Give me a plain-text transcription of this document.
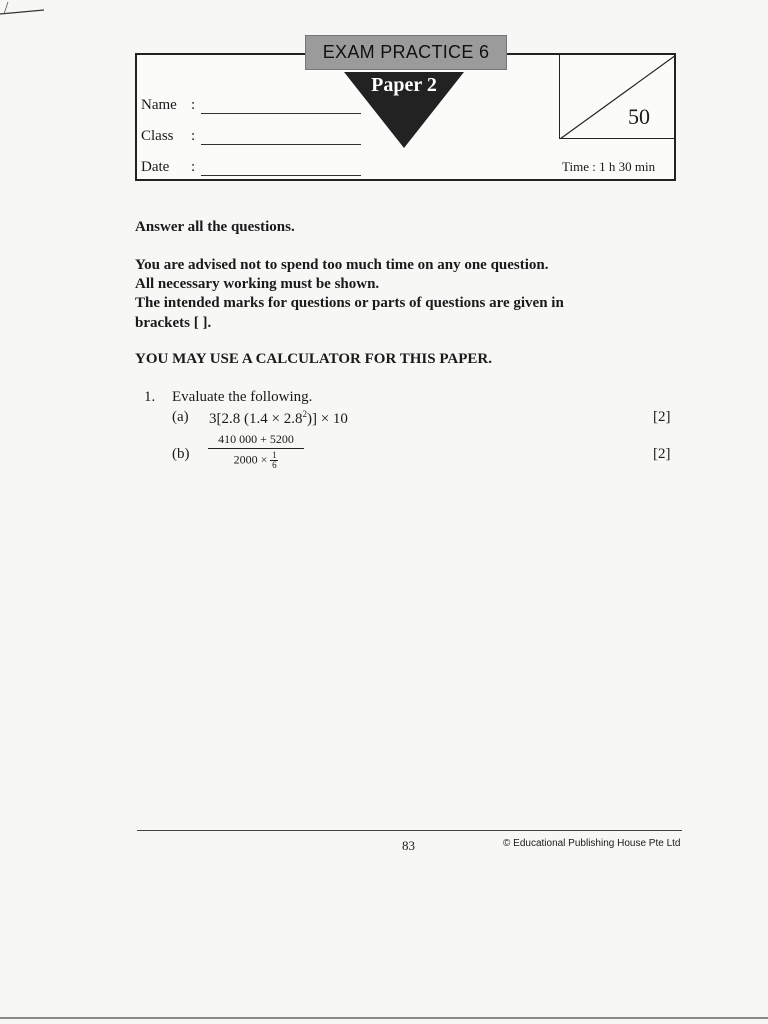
EXAM PRACTICE 6
Paper 2
Name :
Class	:
Date	:
50
Time : 1 h 30 min
Answer all the questions.
You are advised not to spend too much time on any one question.
All necessary working must be shown.
The intended marks for questions or parts of questions are given in
brackets [ ].
YOU MAY USE A CALCULATOR FOR THIS PAPER.
1. Evaluate the following.
(a) 3[2.8 $(1.4 \times 2.8^2)] \times 10$	[2]
(b)
410 000 + 5200
$2000 \times \frac{1}{6}$	[2]
83	© Educational Publishing House Pte Ltd
